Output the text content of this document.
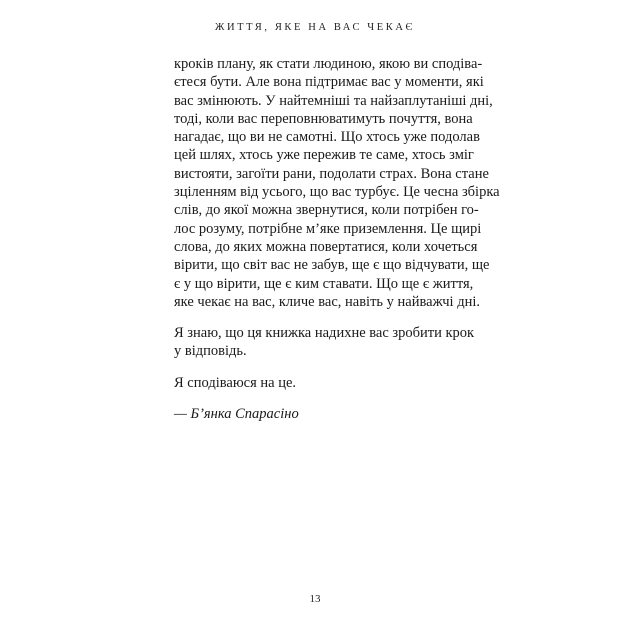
ЖИТТЯ, ЯКЕ НА ВАС ЧЕКАЄ
кроків плану, як стати людиною, якою ви сподіва-
єтеся бути. Але вона підтримає вас у моменти, які
вас змінюють. У найтемніші та найзаплутаніші дні,
тоді, коли вас переповнюватимуть почуття, вона
нагадає, що ви не самотні. Що хтось уже подолав
цей шлях, хтось уже пережив те саме, хтось зміг
вистояти, загоїти рани, подолати страх. Вона стане
зціленням від усього, що вас турбує. Це чесна збірка
слів, до якої можна звернутися, коли потрібен го-
лос розуму, потрібне м’яке приземлення. Це щирі
слова, до яких можна повертатися, коли хочеться
вірити, що світ вас не забув, ще є що відчувати, ще
є у що вірити, ще є ким ставати. Що ще є життя,
яке чекає на вас, кличе вас, навіть у найважчі дні.
Я знаю, що ця книжка надихне вас зробити крок
у відповідь.
Я сподіваюся на це.
— Б’янка Спарасіно
13
